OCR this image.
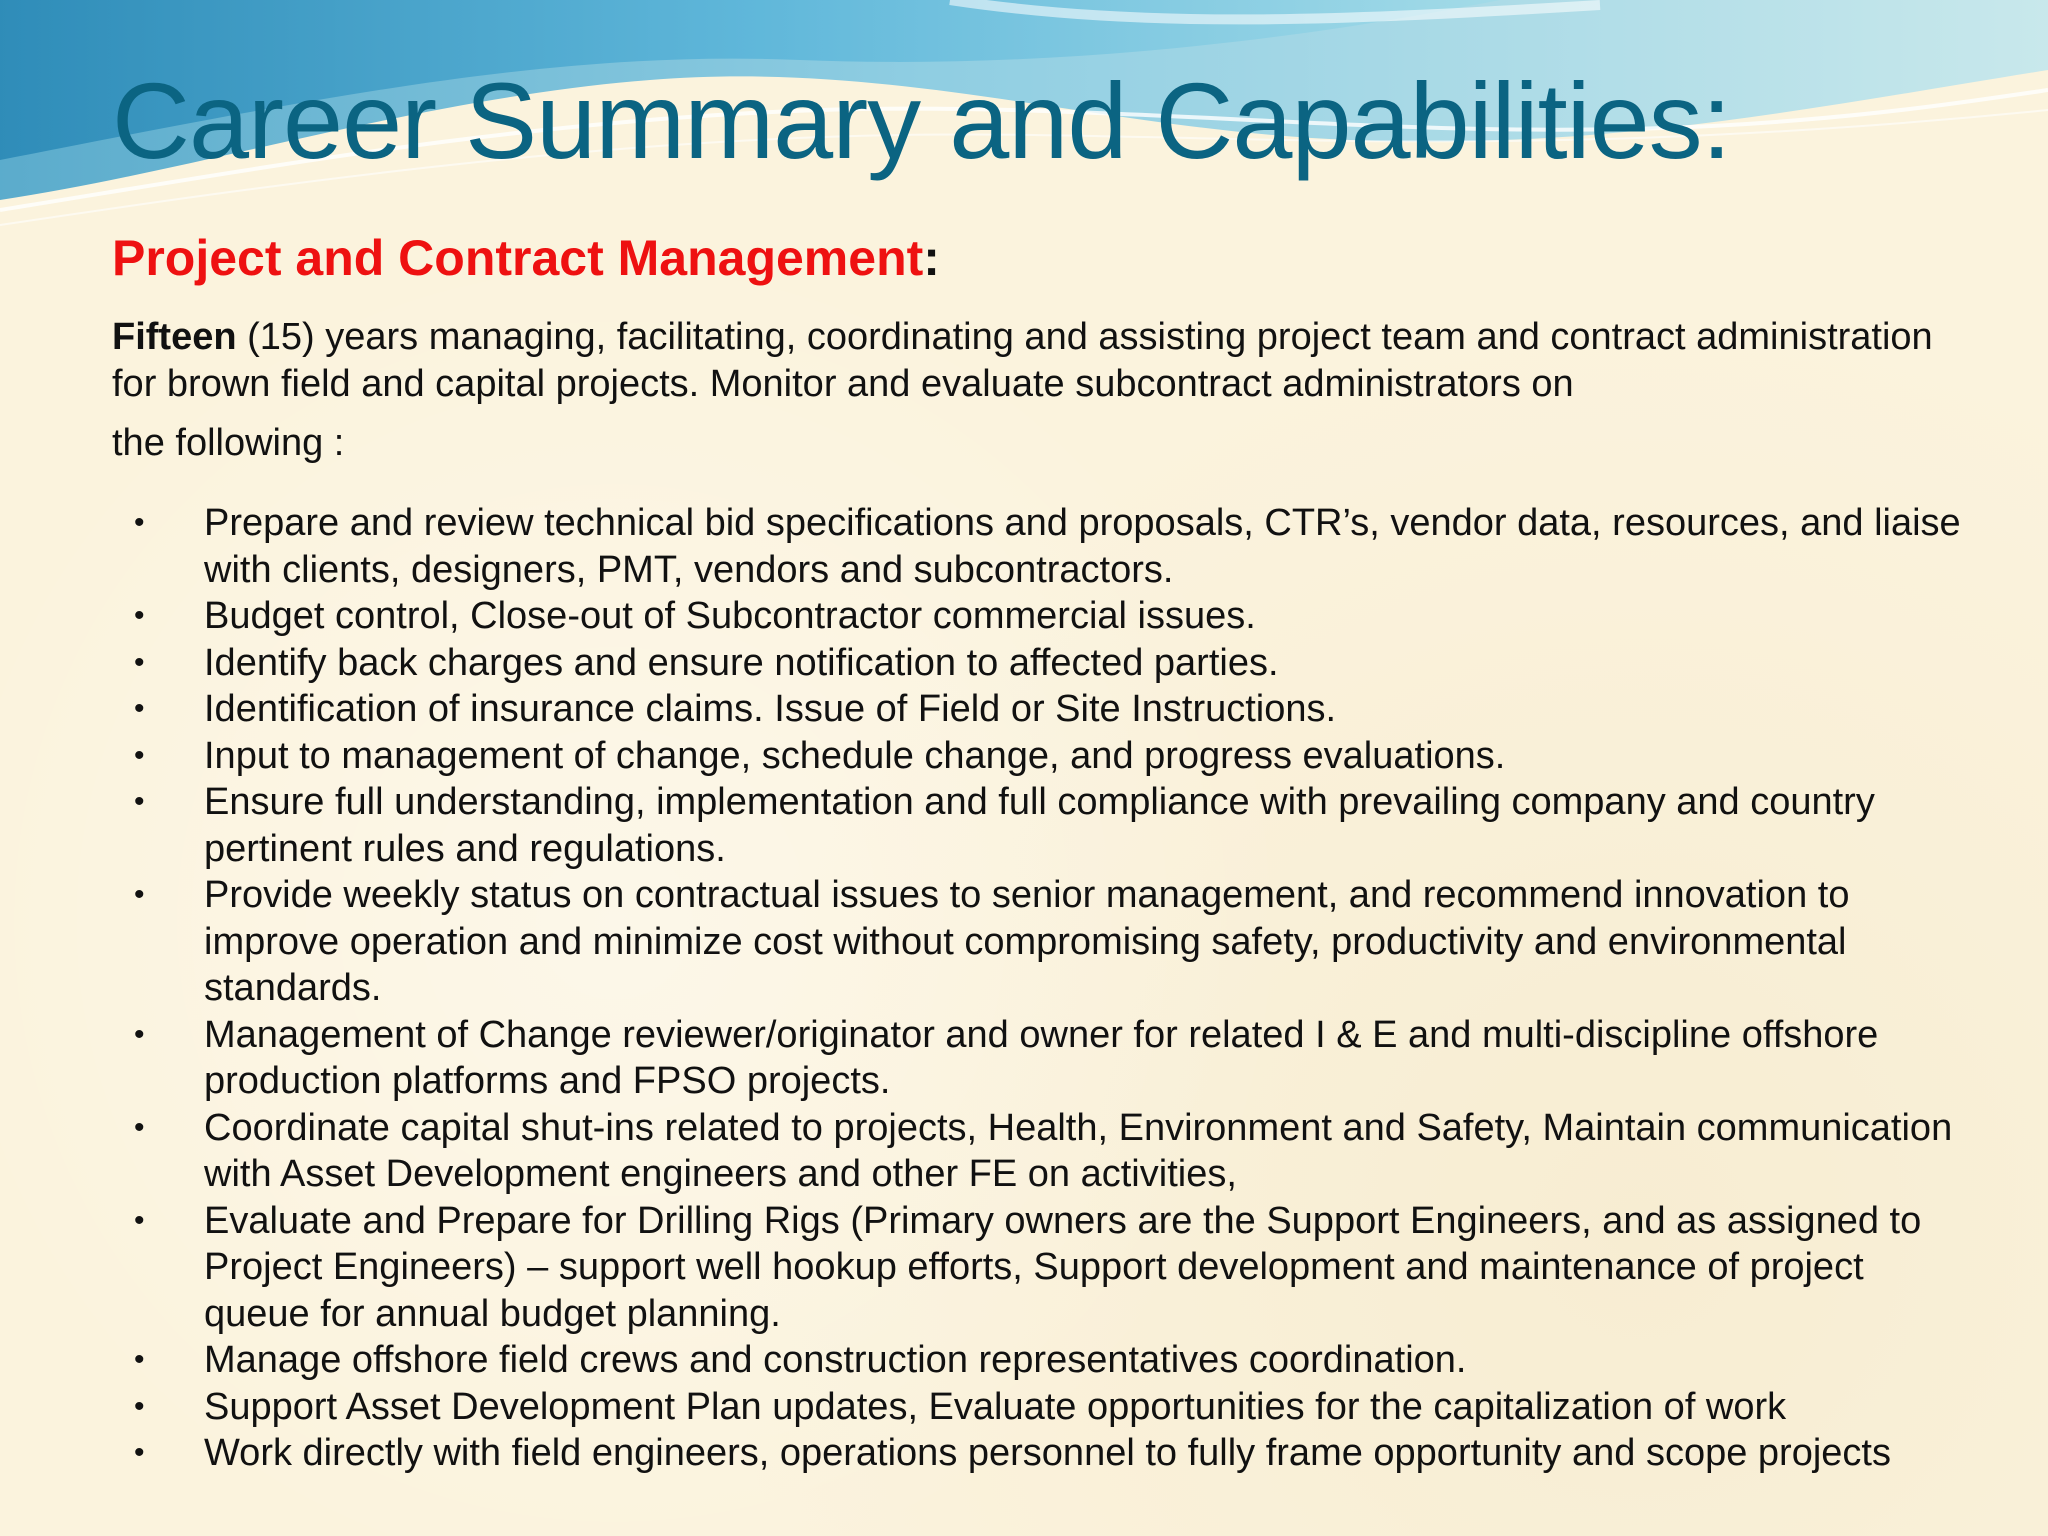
Career Summary and Capabilities:
Project and Contract Management:

Fifteen (15) years managing, facilitating, coordinating and assisting project team and contract administration for brown field and capital projects. Monitor and evaluate subcontract administrators on
the following :

• Prepare and review technical bid specifications and proposals, CTR’s, vendor data, resources, and liaise with clients, designers, PMT, vendors and subcontractors.
• Budget control, Close-out of Subcontractor commercial issues.
• Identify back charges and ensure notification to affected parties.
• Identification of insurance claims. Issue of Field or Site Instructions.
• Input to management of change, schedule change, and progress evaluations.
• Ensure full understanding, implementation and full compliance with prevailing company and country pertinent rules and regulations.
• Provide weekly status on contractual issues to senior management, and recommend innovation to improve operation and minimize cost without compromising safety, productivity and environmental standards.
• Management of Change reviewer/originator and owner for related I & E and multi-discipline offshore production platforms and FPSO projects.
• Coordinate capital shut-ins related to projects, Health, Environment and Safety, Maintain communication with Asset Development engineers and other FE on activities,
• Evaluate and Prepare for Drilling Rigs (Primary owners are the Support Engineers, and as assigned to Project Engineers) – support well hookup efforts, Support development and maintenance of project queue for annual budget planning.
• Manage offshore field crews and construction representatives coordination.
• Support Asset Development Plan updates, Evaluate opportunities for the capitalization of work
• Work directly with field engineers, operations personnel to fully frame opportunity and scope projects
